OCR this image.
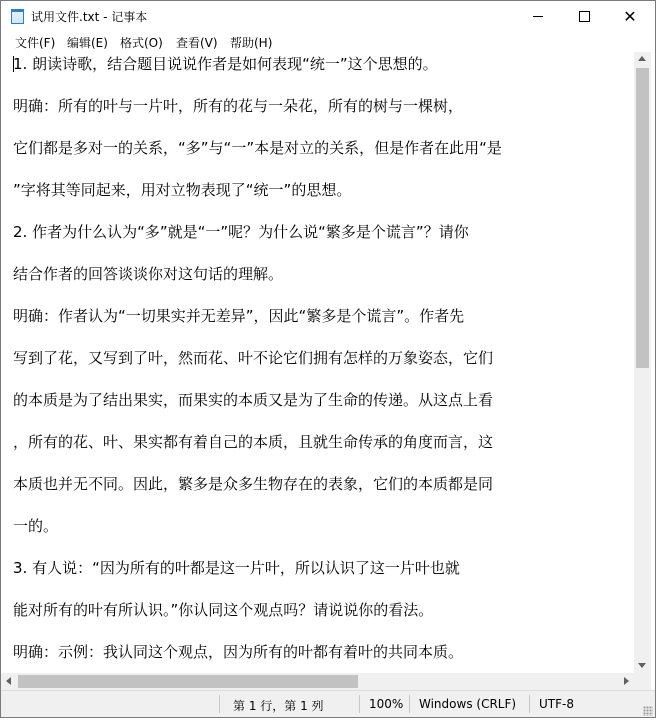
试用文件.txt - 记事本	✕
文件(F) 编辑(E) 格式(O) 查看(V) 帮助(H)
1. 朗读诗歌，结合题目说说作者是如何表现“统一”这个思想的。
明确：所有的叶与一片叶，所有的花与一朵花，所有的树与一棵树，
它们都是多对一的关系，“多”与“一”本是对立的关系，但是作者在此用“是
”字将其等同起来，用对立物表现了“统一”的思想。
2. 作者为什么认为“多”就是“一”呢？为什么说“繁多是个谎言”？请你
结合作者的回答谈谈你对这句话的理解。
明确：作者认为“一切果实并无差异”，因此“繁多是个谎言”。作者先
写到了花，又写到了叶，然而花、叶不论它们拥有怎样的万象姿态，它们
的本质是为了结出果实，而果实的本质又是为了生命的传递。从这点上看
，所有的花、叶、果实都有着自己的本质，且就生命传承的角度而言，这
本质也并无不同。因此，繁多是众多生物存在的表象，它们的本质都是同
一的。
3. 有人说：“因为所有的叶都是这一片叶，所以认识了这一片叶也就
能对所有的叶有所认识。”你认同这个观点吗？请说说你的看法。
明确：示例：我认同这个观点，因为所有的叶都有着叶的共同本质。
第 1 行，第 1 列	100% Windows (CRLF) UTF-8
